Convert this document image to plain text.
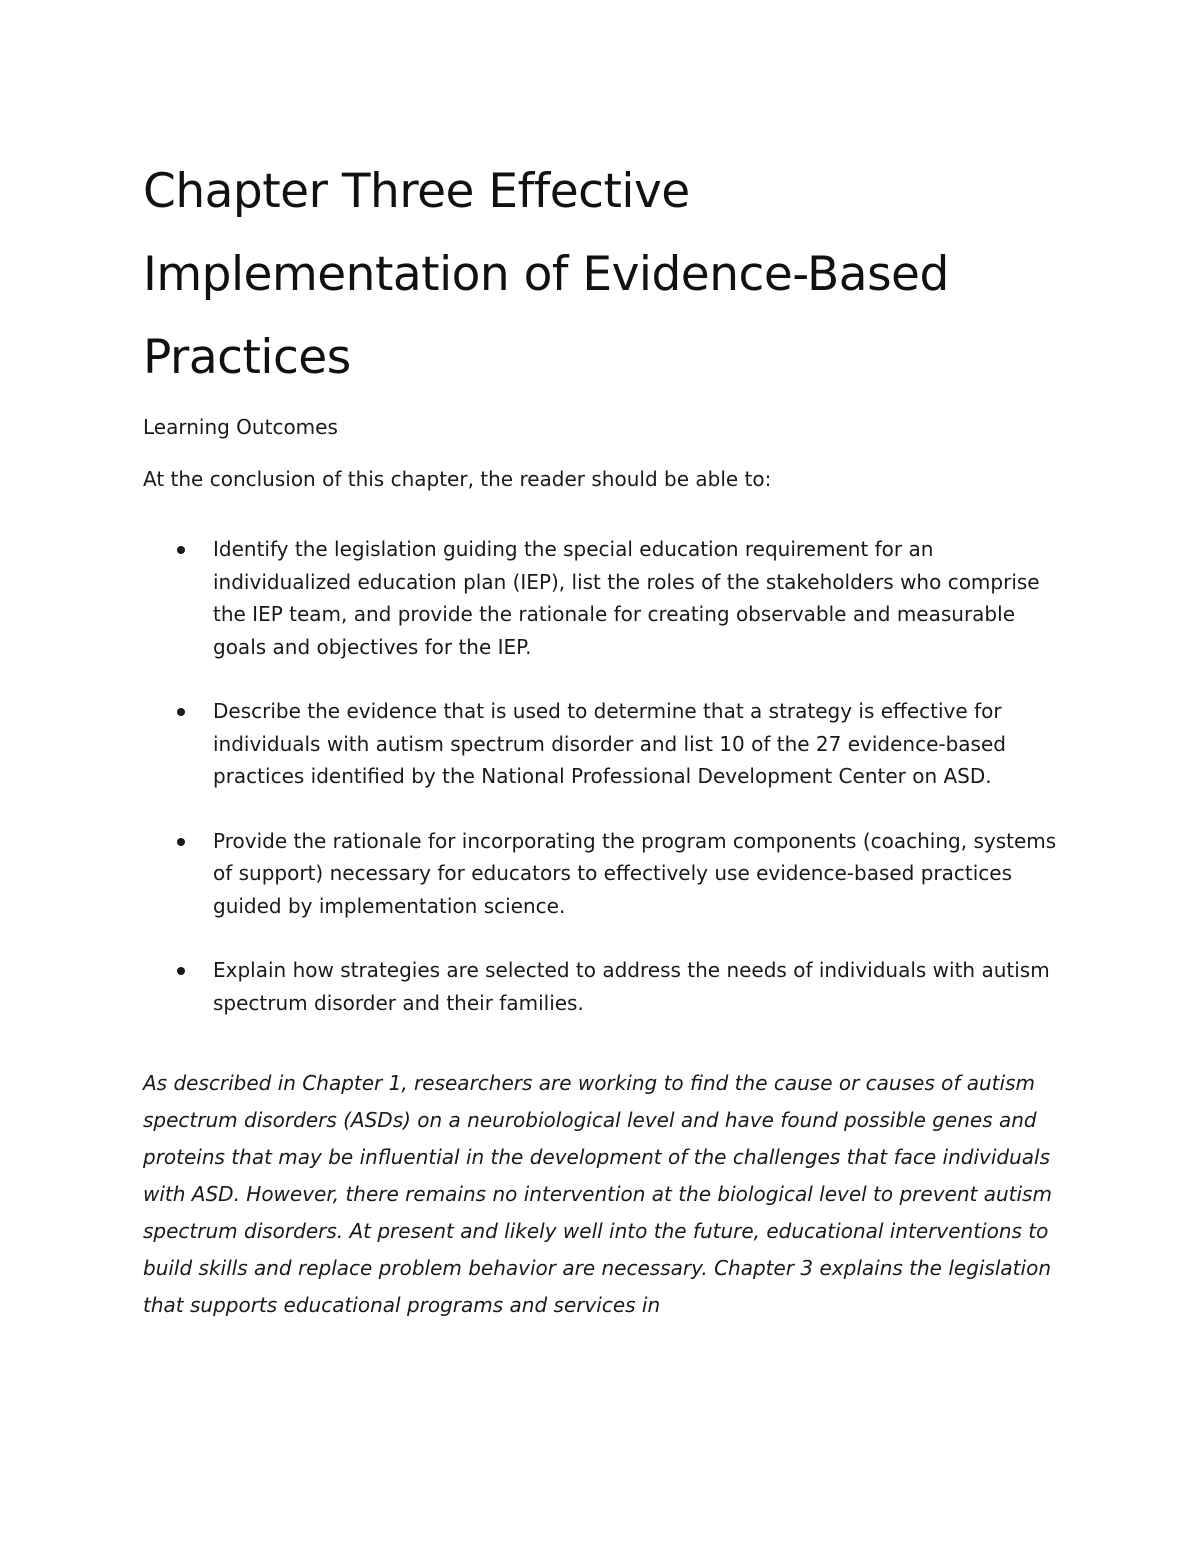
Chapter Three Effective Implementation of Evidence-Based Practices

Learning Outcomes

At the conclusion of this chapter, the reader should be able to:

Identify the legislation guiding the special education requirement for an individualized education plan (IEP), list the roles of the stakeholders who comprise the IEP team, and provide the rationale for creating observable and measurable goals and objectives for the IEP.
Describe the evidence that is used to determine that a strategy is effective for individuals with autism spectrum disorder and list 10 of the 27 evidence-based practices identified by the National Professional Development Center on ASD.
Provide the rationale for incorporating the program components (coaching, systems of support) necessary for educators to effectively use evidence-based practices guided by implementation science.
Explain how strategies are selected to address the needs of individuals with autism spectrum disorder and their families.

As described in Chapter 1, researchers are working to find the cause or causes of autism spectrum disorders (ASDs) on a neurobiological level and have found possible genes and proteins that may be influential in the development of the challenges that face individuals with ASD. However, there remains no intervention at the biological level to prevent autism spectrum disorders. At present and likely well into the future, educational interventions to build skills and replace problem behavior are necessary. Chapter 3 explains the legislation that supports educational programs and services in
